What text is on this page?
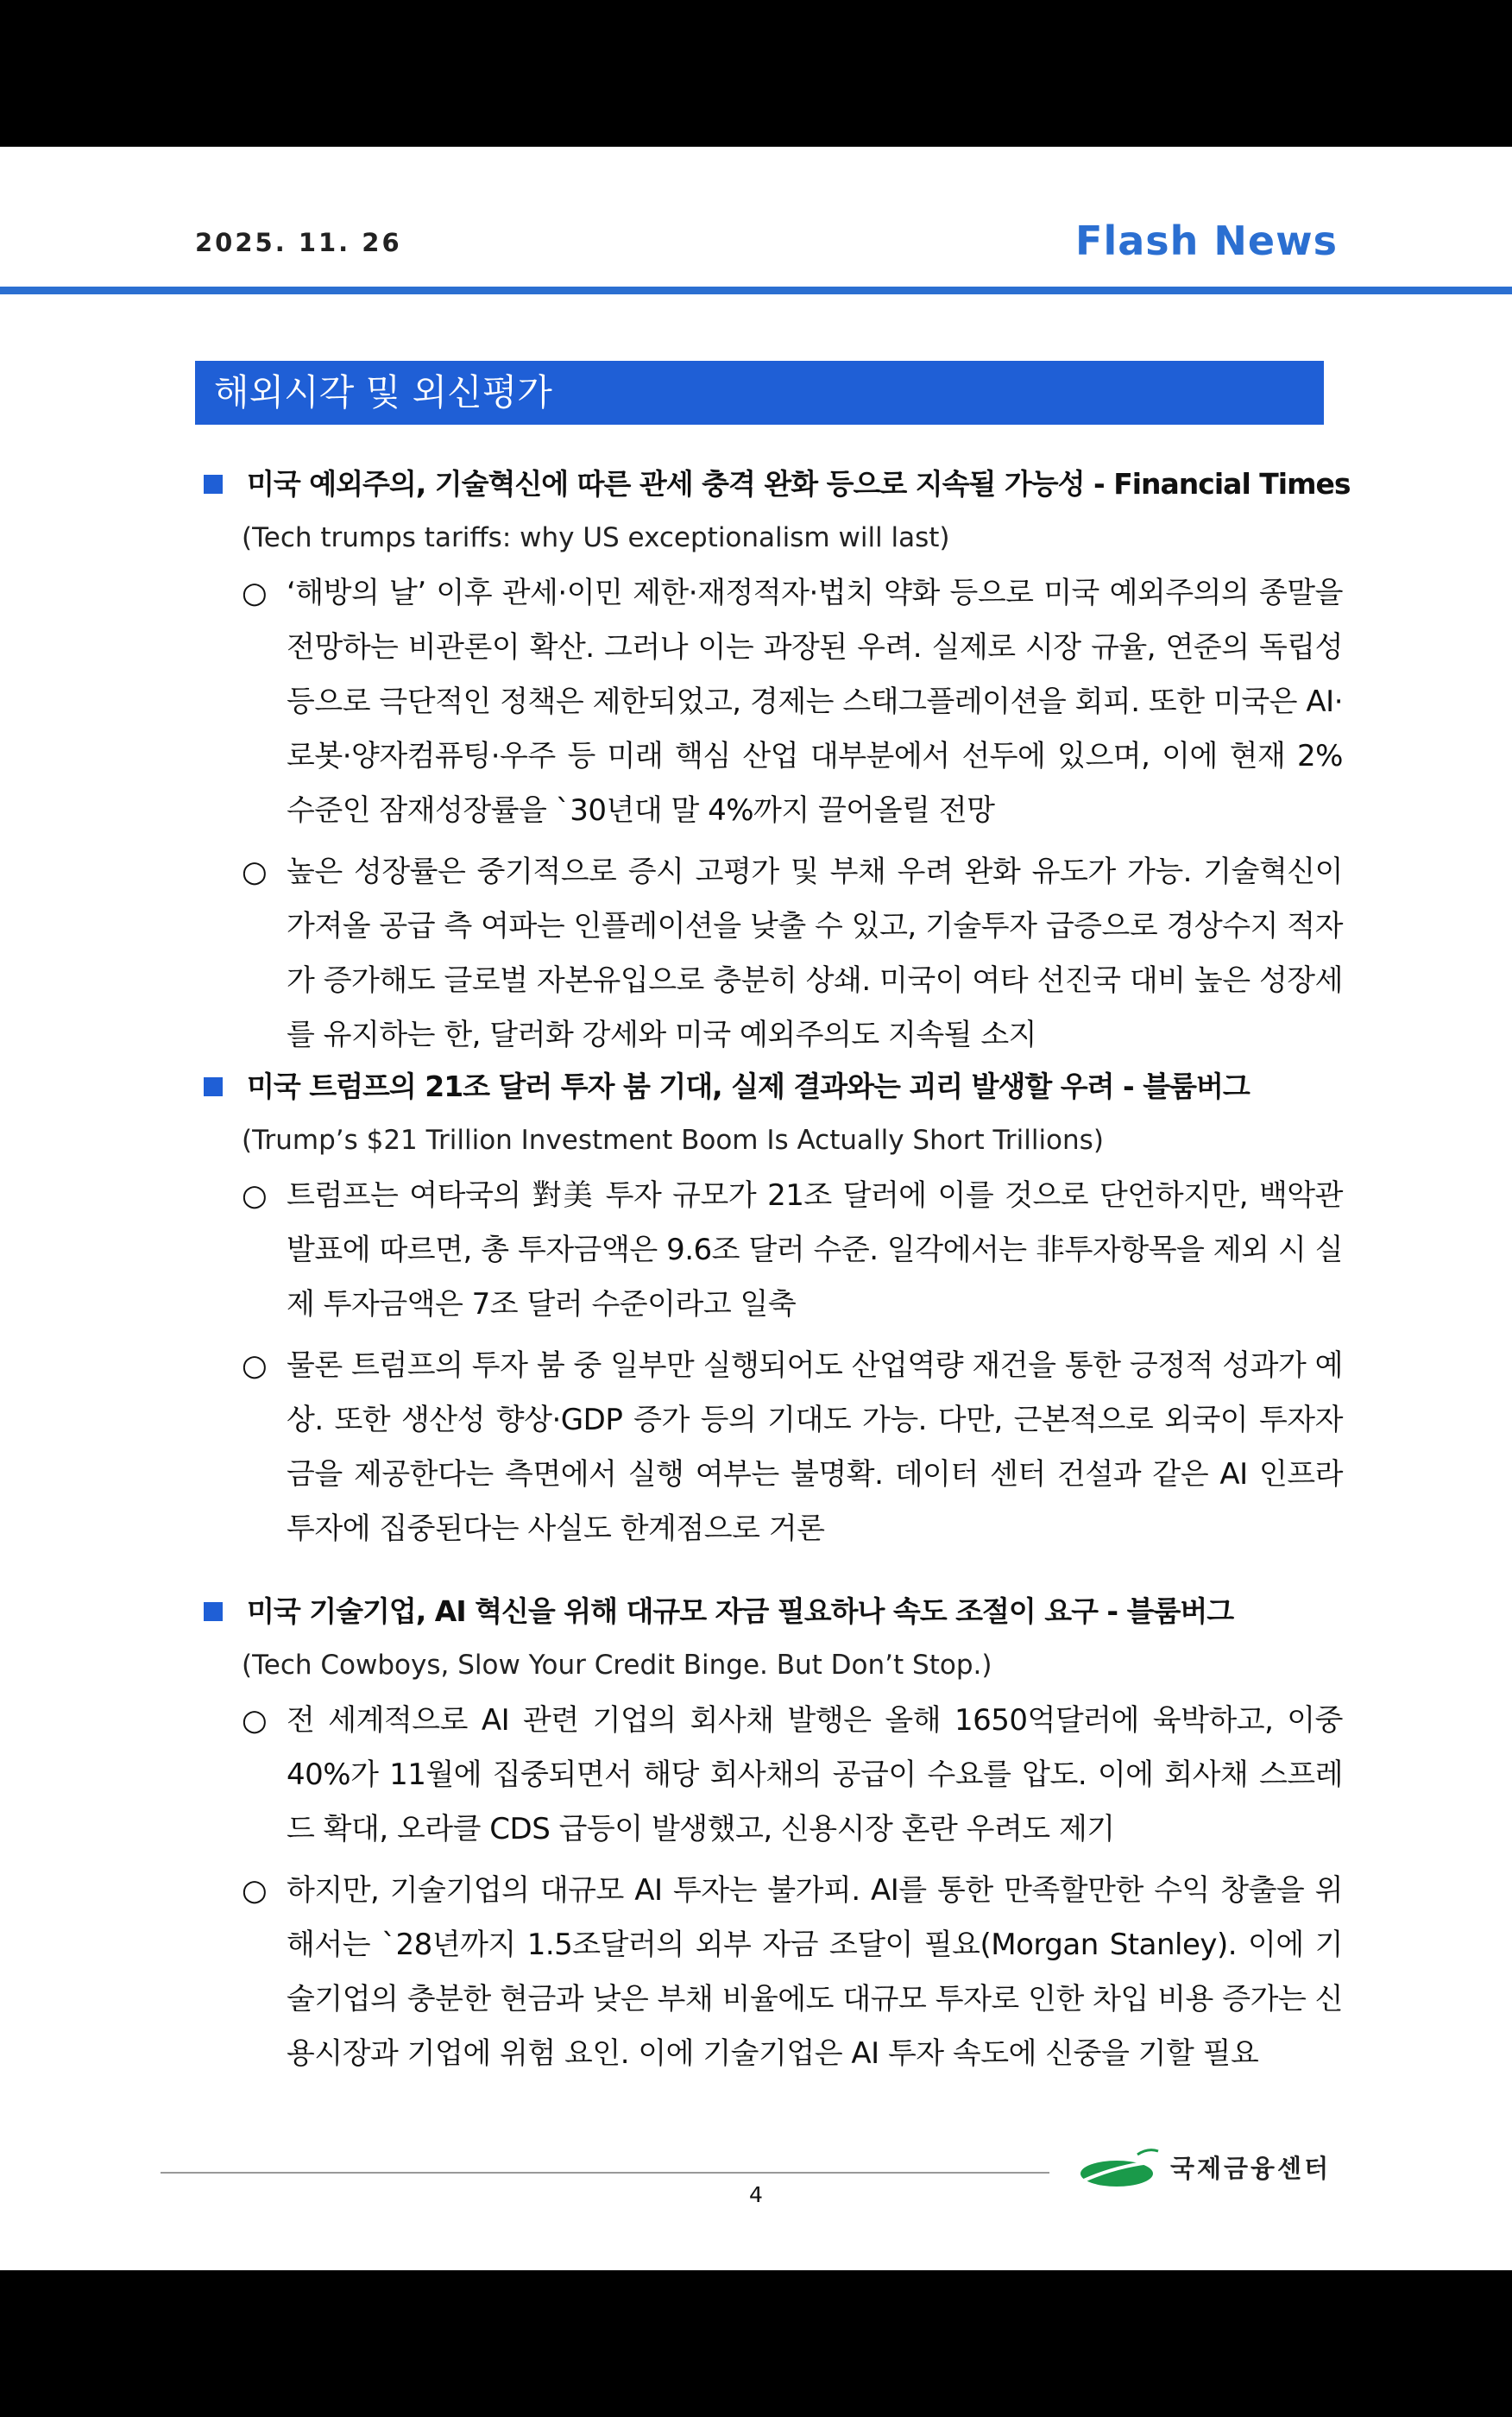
2025. 11. 26	Flash News
해외시각 및 외신평가
미국 예외주의, 기술혁신에 따른 관세 충격 완화 등으로 지속될 가능성 - Financial Times
(Tech trumps tariffs: why US exceptionalism will last)
○ ‘해방의 날’ 이후 관세·이민 제한·재정적자·법치 약화 등으로 미국 예외주의의 종말을 전망하는 비관론이 확산. 그러나 이는 과장된 우려. 실제로 시장 규율, 연준의 독립성 등으로 극단적인 정책은 제한되었고, 경제는 스태그플레이션을 회피. 또한 미국은 AI·로봇·양자컴퓨팅·우주 등 미래 핵심 산업 대부분에서 선두에 있으며, 이에 현재 2% 수준인 잠재성장률을 `30년대 말 4%까지 끌어올릴 전망
○ 높은 성장률은 중기적으로 증시 고평가 및 부채 우려 완화 유도가 가능. 기술혁신이 가져올 공급 측 여파는 인플레이션을 낮출 수 있고, 기술투자 급증으로 경상수지 적자가 증가해도 글로벌 자본유입으로 충분히 상쇄. 미국이 여타 선진국 대비 높은 성장세를 유지하는 한, 달러화 강세와 미국 예외주의도 지속될 소지
미국 트럼프의 21조 달러 투자 붐 기대, 실제 결과와는 괴리 발생할 우려 - 블룸버그
(Trump’s $21 Trillion Investment Boom Is Actually Short Trillions)
○ 트럼프는 여타국의 對美 투자 규모가 21조 달러에 이를 것으로 단언하지만, 백악관 발표에 따르면, 총 투자금액은 9.6조 달러 수준. 일각에서는 非투자항목을 제외 시 실제 투자금액은 7조 달러 수준이라고 일축
○ 물론 트럼프의 투자 붐 중 일부만 실행되어도 산업역량 재건을 통한 긍정적 성과가 예상. 또한 생산성 향상·GDP 증가 등의 기대도 가능. 다만, 근본적으로 외국이 투자자금을 제공한다는 측면에서 실행 여부는 불명확. 데이터 센터 건설과 같은 AI 인프라 투자에 집중된다는 사실도 한계점으로 거론
미국 기술기업, AI 혁신을 위해 대규모 자금 필요하나 속도 조절이 요구 - 블룸버그
(Tech Cowboys, Slow Your Credit Binge. But Don’t Stop.)
○ 전 세계적으로 AI 관련 기업의 회사채 발행은 올해 1650억달러에 육박하고, 이중 40%가 11월에 집중되면서 해당 회사채의 공급이 수요를 압도. 이에 회사채 스프레드 확대, 오라클 CDS 급등이 발생했고, 신용시장 혼란 우려도 제기
○ 하지만, 기술기업의 대규모 AI 투자는 불가피. AI를 통한 만족할만한 수익 창출을 위해서는 `28년까지 1.5조달러의 외부 자금 조달이 필요(Morgan Stanley). 이에 기술기업의 충분한 현금과 낮은 부채 비율에도 대규모 투자로 인한 차입 비용 증가는 신용시장과 기업에 위험 요인. 이에 기술기업은 AI 투자 속도에 신중을 기할 필요
국제금융센터
4
